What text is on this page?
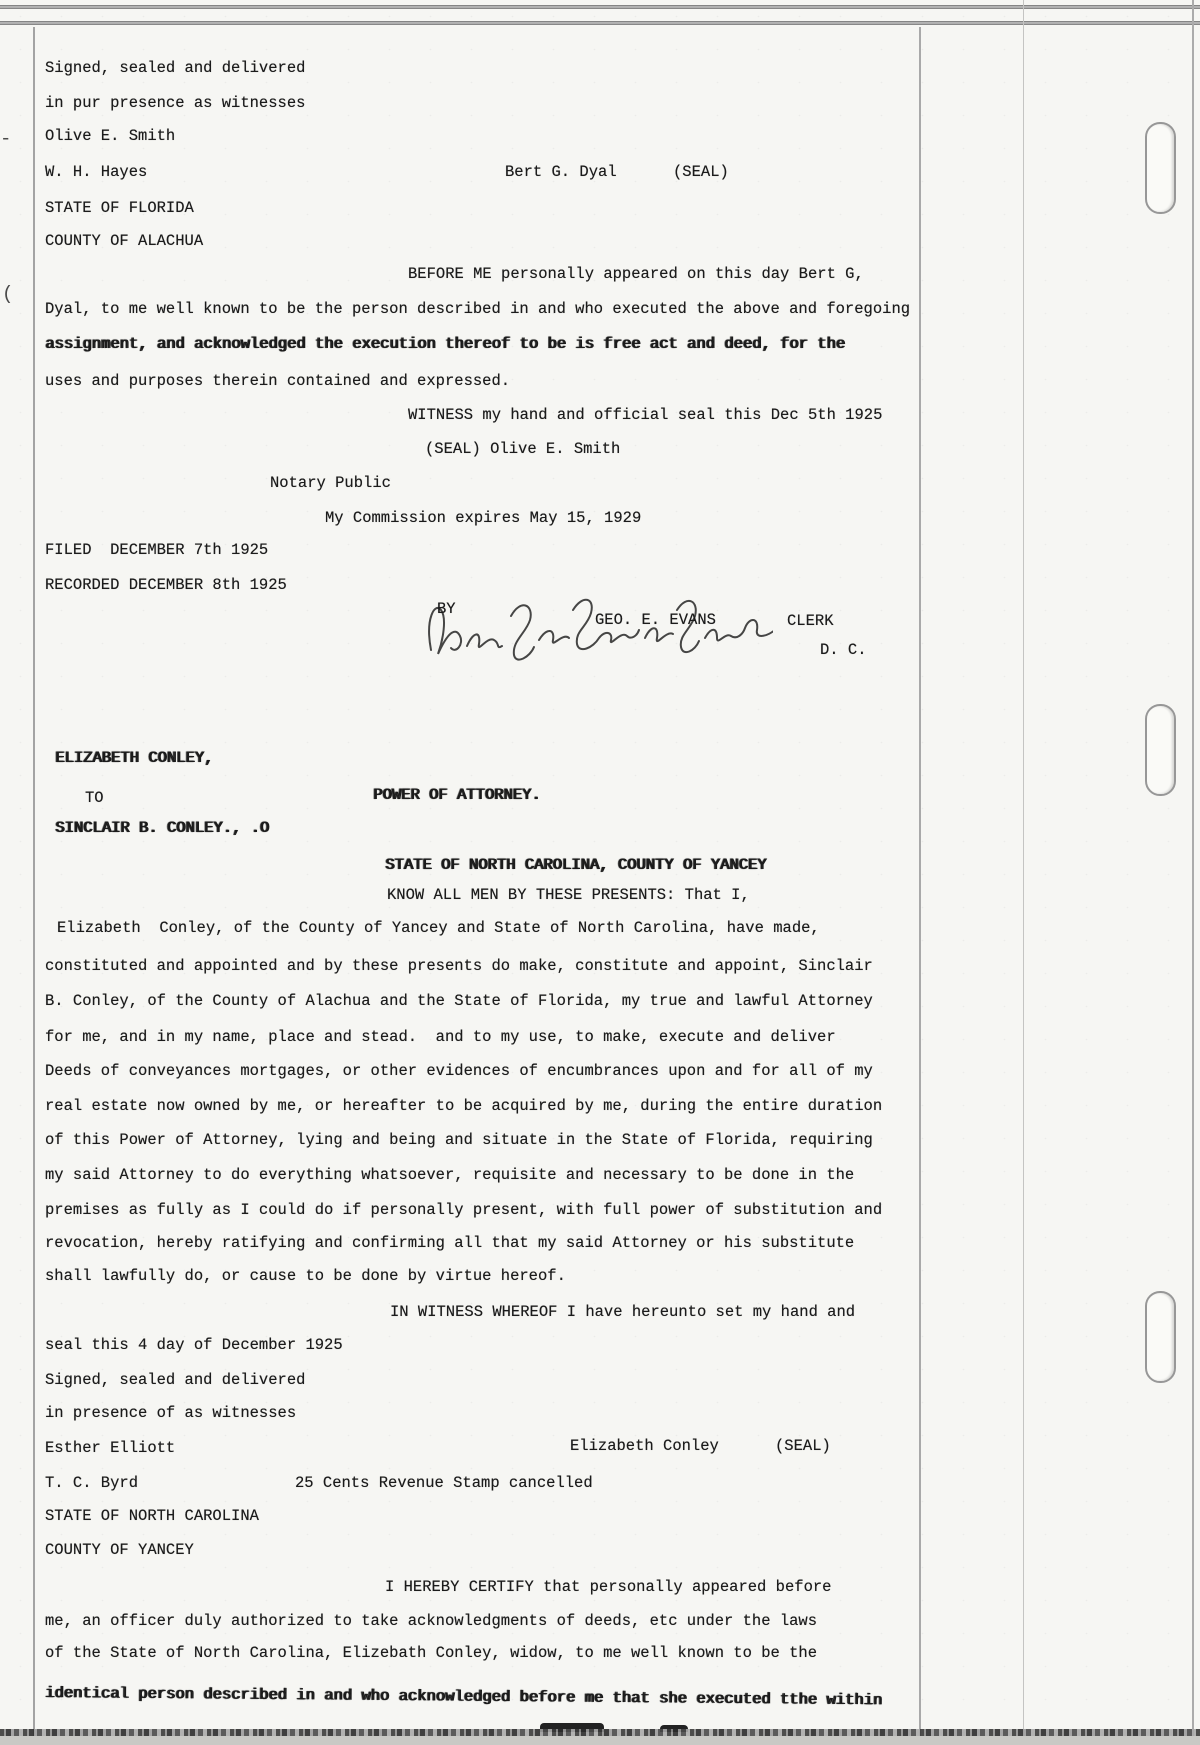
Signed, sealed and delivered
in pur presence as witnesses
Olive E. Smith
W. H. Hayes	Bert G. Dyal	(SEAL)
STATE OF FLORIDA
COUNTY OF ALACHUA
BEFORE ME personally appeared on this day Bert G,
Dyal, to me well known to be the person described in and who executed the above and foregoing
assignment, and acknowledged the execution thereof to be is free act and deed, for the
uses and purposes therein contained and expressed.
WITNESS my hand and official seal this Dec 5th 1925
(SEAL) Olive E. Smith
Notary Public
My Commission expires May 15, 1929
FILED  DECEMBER 7th 1925
RECORDED DECEMBER 8th 1925
GEO. E. EVANS	CLERK
BY
D. C.
ELIZABETH CONLEY,
TO	POWER OF ATTORNEY.
SINCLAIR B. CONLEY., .O
STATE OF NORTH CAROLINA, COUNTY OF YANCEY
KNOW ALL MEN BY THESE PRESENTS: That I,
Elizabeth  Conley, of the County of Yancey and State of North Carolina, have made,
constituted and appointed and by these presents do make, constitute and appoint, Sinclair
B. Conley, of the County of Alachua and the State of Florida, my true and lawful Attorney
for me, and in my name, place and stead.  and to my use, to make, execute and deliver
Deeds of conveyances mortgages, or other evidences of encumbrances upon and for all of my
real estate now owned by me, or hereafter to be acquired by me, during the entire duration
of this Power of Attorney, lying and being and situate in the State of Florida, requiring
my said Attorney to do everything whatsoever, requisite and necessary to be done in the
premises as fully as I could do if personally present, with full power of substitution and
revocation, hereby ratifying and confirming all that my said Attorney or his substitute
shall lawfully do, or cause to be done by virtue hereof.
IN WITNESS WHEREOF I have hereunto set my hand and
seal this 4 day of December 1925
Signed, sealed and delivered
in presence of as witnesses
Esther Elliott	Elizabeth Conley	(SEAL)
T. C. Byrd	25 Cents Revenue Stamp cancelled
STATE OF NORTH CAROLINA
COUNTY OF YANCEY
I HEREBY CERTIFY that personally appeared before
me, an officer duly authorized to take acknowledgments of deeds, etc under the laws
of the State of North Carolina, Elizebath Conley, widow, to me well known to be the
identical person described in and who acknowledged before me that she executed tthe within
(
-
